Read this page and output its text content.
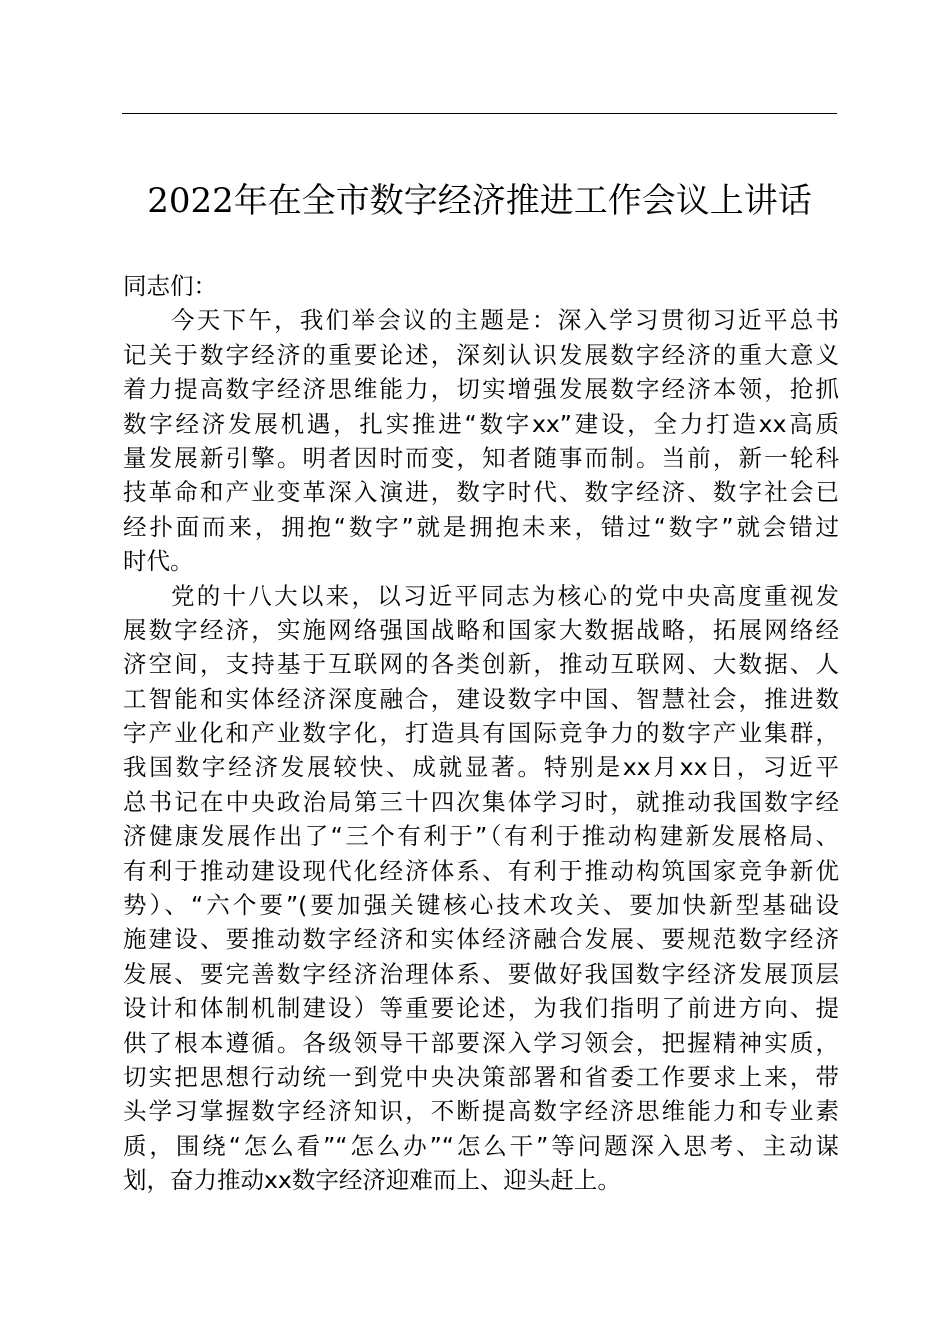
2022年在全市数字经济推进工作会议上讲话
同志们：
今天下午，我们举会议的主题是：深入学习贯彻习近平总书
记关于数字经济的重要论述，深刻认识发展数字经济的重大意义
着力提高数字经济思维能力，切实增强发展数字经济本领，抢抓
数字经济发展机遇，扎实推进“数字xx”建设，全力打造xx高质
量发展新引擎。明者因时而变，知者随事而制。当前，新一轮科
技革命和产业变革深入演进，数字时代、数字经济、数字社会已
经扑面而来，拥抱“数字”就是拥抱未来，错过“数字”就会错过
时代。
党的十八大以来，以习近平同志为核心的党中央高度重视发
展数字经济，实施网络强国战略和国家大数据战略，拓展网络经
济空间，支持基于互联网的各类创新，推动互联网、大数据、人
工智能和实体经济深度融合，建设数字中国、智慧社会，推进数
字产业化和产业数字化，打造具有国际竞争力的数字产业集群，
我国数字经济发展较快、成就显著。特别是xx月xx日，习近平
总书记在中央政治局第三十四次集体学习时，就推动我国数字经
济健康发展作出了“三个有利于”（有利于推动构建新发展格局、
有利于推动建设现代化经济体系、有利于推动构筑国家竞争新优
势）、“六个要”(要加强关键核心技术攻关、要加快新型基础设
施建设、要推动数字经济和实体经济融合发展、要规范数字经济
发展、要完善数字经济治理体系、要做好我国数字经济发展顶层
设计和体制机制建设）等重要论述，为我们指明了前进方向、提
供了根本遵循。各级领导干部要深入学习领会，把握精神实质，
切实把思想行动统一到党中央决策部署和省委工作要求上来，带
头学习掌握数字经济知识，不断提高数字经济思维能力和专业素
质，围绕“怎么看”“怎么办”“怎么干”等问题深入思考、主动谋
划，奋力推动xx数字经济迎难而上、迎头赶上。
